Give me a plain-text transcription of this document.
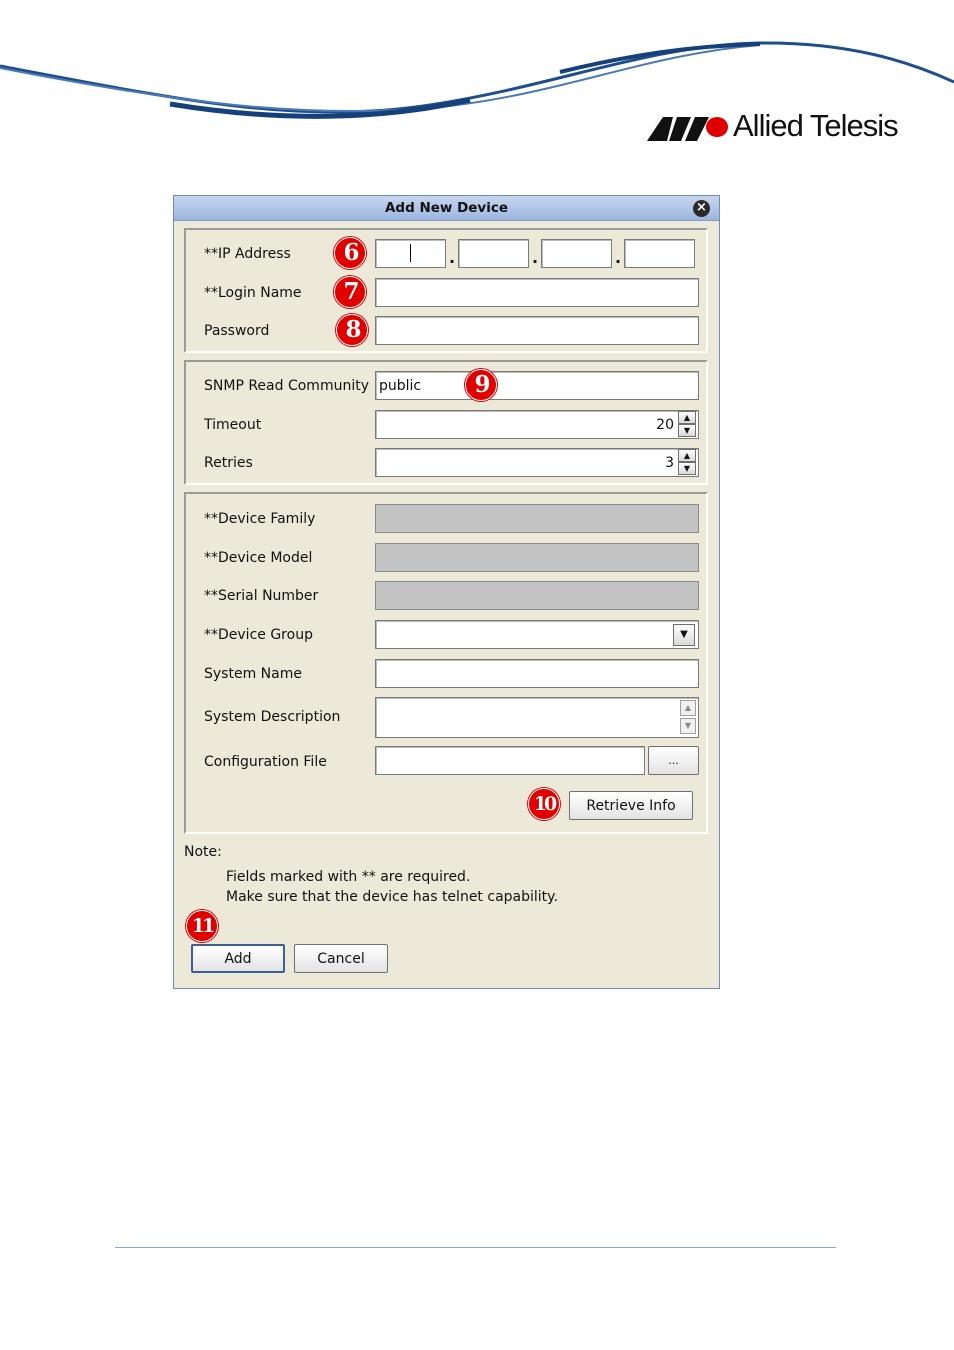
Allied Telesis
Add New Device	×
**IP Address	.	.	.
**Login Name
Password
SNMP Read Community public
Timeout	20	▲
▼
Retries	3	▲
▼
**Device Family
**Device Model
**Serial Number
**Device Group	▼
System Name
System Description
▲
▼
Configuration File	...
Retrieve Info
Note:
Fields marked with ** are required.
Make sure that the device has telnet capability.
Add	Cancel
6
7
8
9
10
11
